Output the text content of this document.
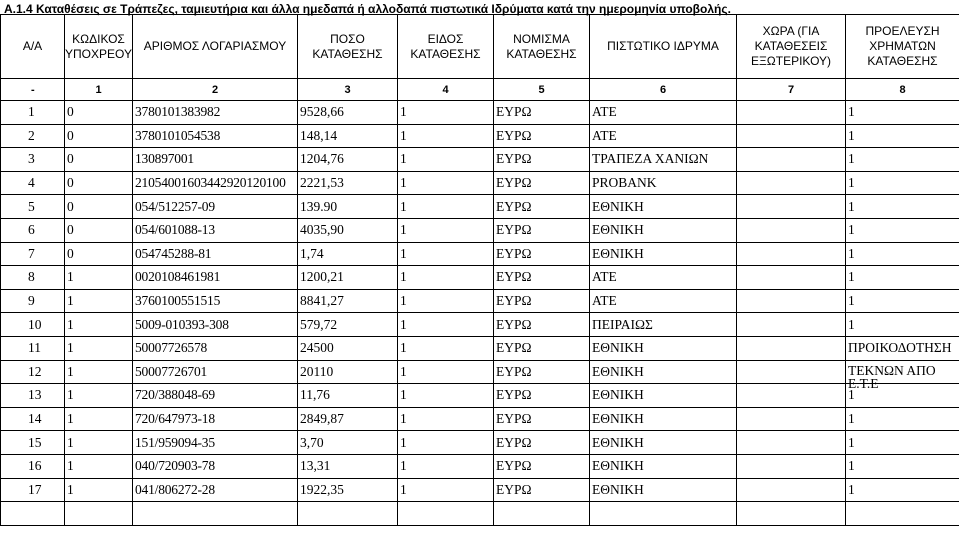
A.1.4 Καταθέσεις σε Τράπεζες, ταμιευτήρια και άλλα ημεδαπά ή αλλοδαπά πιστωτικά Ιδρύματα κατά την ημερομηνία υποβολής.
Α/Α	ΚΩΔΙΚΟΣ ΥΠΟΧΡΕΟΥ	ΑΡΙΘΜΟΣ ΛΟΓΑΡΙΑΣΜΟΥ	ΠΟΣΟ ΚΑΤΑΘΕΣΗΣ	ΕΙΔΟΣ ΚΑΤΑΘΕΣΗΣ	ΝΟΜΙΣΜΑ ΚΑΤΑΘΕΣΗΣ	ΠΙΣΤΩΤΙΚΟ ΙΔΡΥΜΑ	ΧΩΡΑ (ΓΙΑ ΚΑΤΑΘΕΣΕΙΣ ΕΞΩΤΕΡΙΚΟΥ)	ΠΡΟΕΛΕΥΣΗ ΧΡΗΜΑΤΩΝ ΚΑΤΑΘΕΣΗΣ
-	1	2	3	4	5	6	7	8
1	0	3780101383982	9528,66	1	ΕΥΡΩ	ΑΤΕ		1
2	0	3780101054538	148,14	1	ΕΥΡΩ	ΑΤΕ		1
3	0	130897001	1204,76	1	ΕΥΡΩ	ΤΡΑΠΕΖΑ ΧΑΝΙΩΝ		1
4	0	21054001603442920120100	2221,53	1	ΕΥΡΩ	PROBANK		1
5	0	054/512257-09	139.90	1	ΕΥΡΩ	ΕΘΝΙΚΗ		1
6	0	054/601088-13	4035,90	1	ΕΥΡΩ	ΕΘΝΙΚΗ		1
7	0	054745288-81	1,74	1	ΕΥΡΩ	ΕΘΝΙΚΗ		1
8	1	0020108461981	1200,21	1	ΕΥΡΩ	ΑΤΕ		1
9	1	3760100551515	8841,27	1	ΕΥΡΩ	ΑΤΕ		1
10	1	5009-010393-308	579,72	1	ΕΥΡΩ	ΠΕΙΡΑΙΩΣ		1
11	1	50007726578	24500	1	ΕΥΡΩ	ΕΘΝΙΚΗ		ΠΡΟΙΚΟΔΟΤΗΣΗ
12	1	50007726701	20110	1	ΕΥΡΩ	ΕΘΝΙΚΗ		ΤΕΚΝΩΝ ΑΠΟ Ε.Τ.Ε

13	1	720/388048-69	11,76	1	ΕΥΡΩ	ΕΘΝΙΚΗ		1
14	1	720/647973-18	2849,87	1	ΕΥΡΩ	ΕΘΝΙΚΗ		1
15	1	151/959094-35	3,70	1	ΕΥΡΩ	ΕΘΝΙΚΗ		1
16	1	040/720903-78	13,31	1	ΕΥΡΩ	ΕΘΝΙΚΗ		1
17	1	041/806272-28	1922,35	1	ΕΥΡΩ	ΕΘΝΙΚΗ		1
